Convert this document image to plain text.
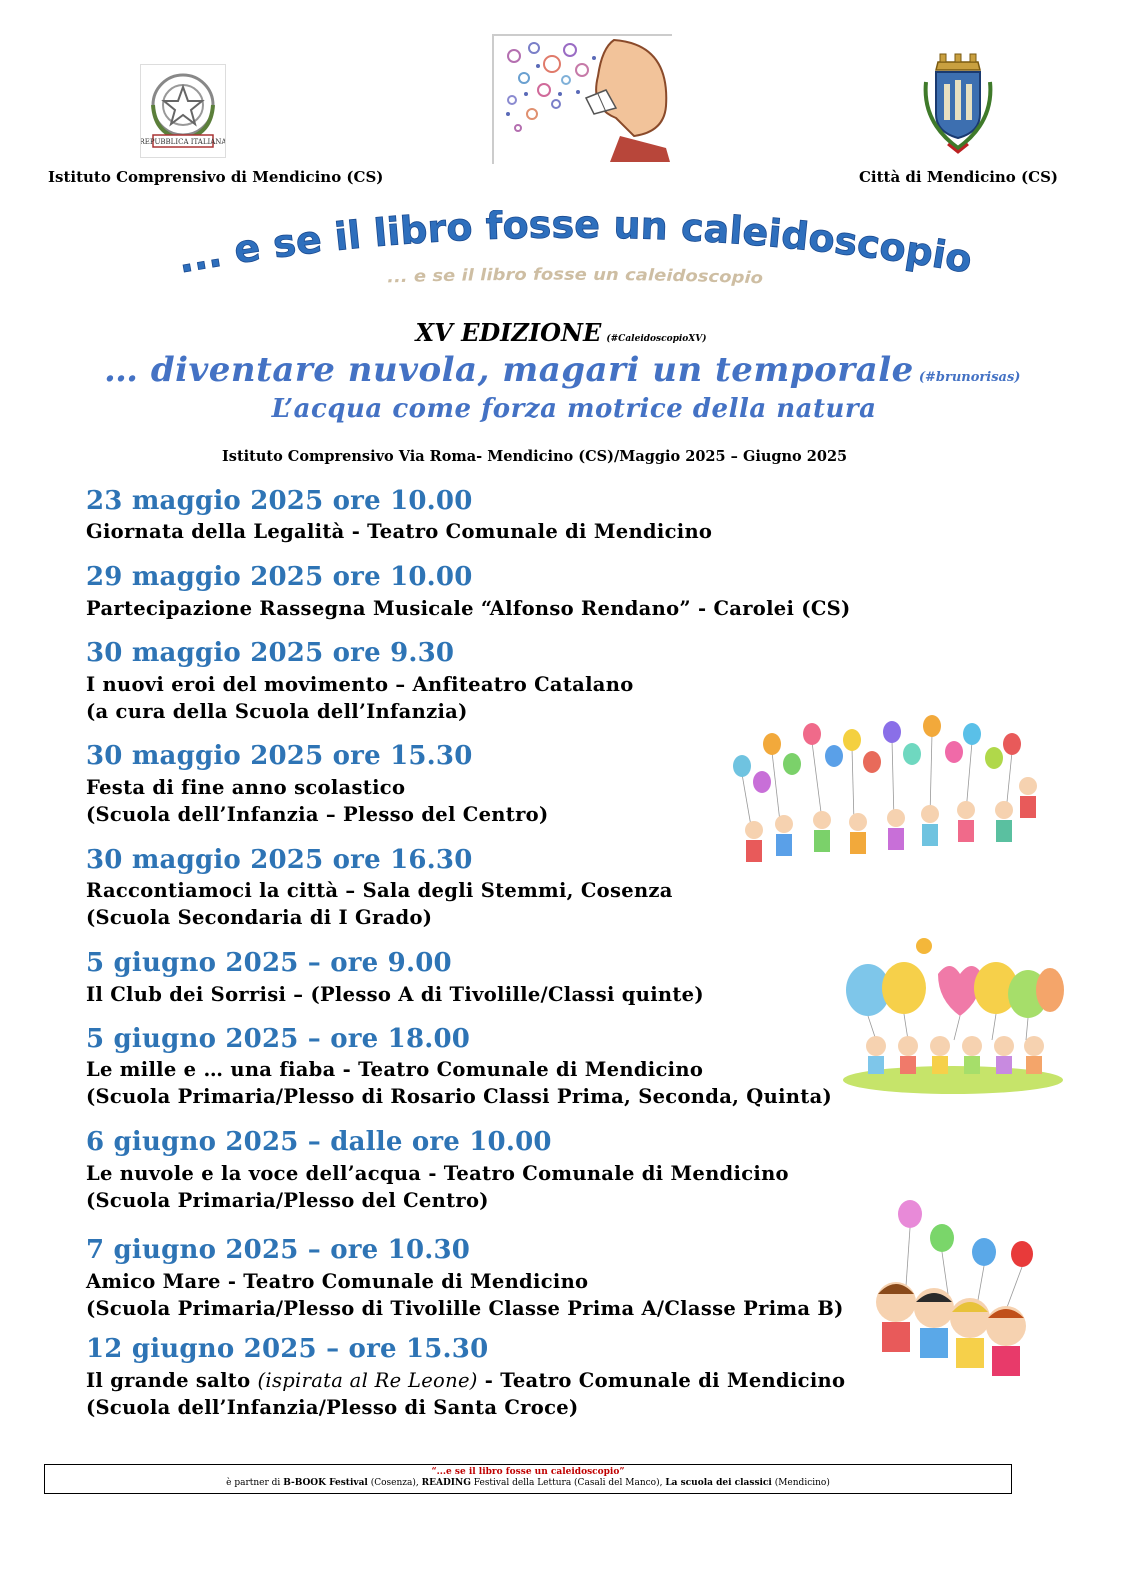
REPUBBLICA ITALIANA
Istituto Comprensivo di Mendicino (CS)	Città di Mendicino (CS)
... e se il libro fosse un caleidoscopio
... e se il libro fosse un caleidoscopio
XV EDIZIONE (#CaleidoscopioXV)
… diventare nuvola, magari un temporale (#brunorisas)
L’acqua come forza motrice della natura
Istituto Comprensivo Via Roma- Mendicino (CS)/Maggio 2025 – Giugno 2025
23 maggio 2025 ore 10.00
Giornata della Legalità - Teatro Comunale di Mendicino
29 maggio 2025 ore 10.00
Partecipazione Rassegna Musicale “Alfonso Rendano” - Carolei (CS)
30 maggio 2025 ore 9.30
I nuovi eroi del movimento – Anfiteatro Catalano
(a cura della Scuola dell’Infanzia)
30 maggio 2025 ore 15.30
Festa di fine anno scolastico
(Scuola dell’Infanzia – Plesso del Centro)
30 maggio 2025 ore 16.30
Raccontiamoci la città – Sala degli Stemmi, Cosenza
(Scuola Secondaria di I Grado)
5 giugno 2025 – ore 9.00
Il Club dei Sorrisi – (Plesso A di Tivolille/Classi quinte)
5 giugno 2025 – ore 18.00
Le mille e … una fiaba - Teatro Comunale di Mendicino
(Scuola Primaria/Plesso di Rosario Classi Prima, Seconda, Quinta)
6 giugno 2025 – dalle ore 10.00
Le nuvole e la voce dell’acqua - Teatro Comunale di Mendicino
(Scuola Primaria/Plesso del Centro)
7 giugno 2025 – ore 10.30
Amico Mare - Teatro Comunale di Mendicino
(Scuola Primaria/Plesso di Tivolille Classe Prima A/Classe Prima B)
12 giugno 2025 – ore 15.30
Il grande salto (ispirata al Re Leone) - Teatro Comunale di Mendicino
(Scuola dell’Infanzia/Plesso di Santa Croce)
“...e se il libro fosse un caleidoscopio”
è partner di B-BOOK Festival (Cosenza), READING Festival della Lettura (Casali del Manco), La scuola dei classici (Mendicino)
